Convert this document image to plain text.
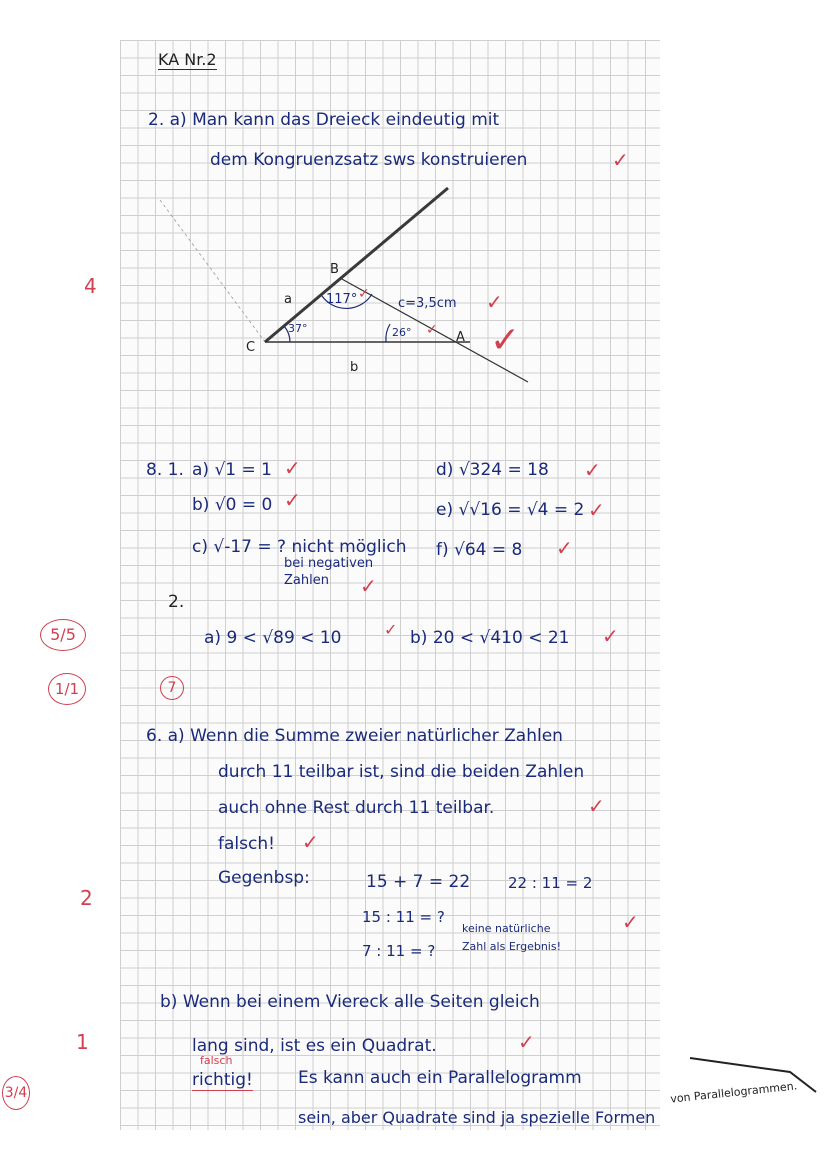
KA Nr.2
2. a) Man kann das Dreieck eindeutig mit
dem Kongruenzsatz sws konstruieren	✓
B
C
A
a
b
117°
37°	26°
c=3,5cm ✓
✓
✓
✓
4
8. 1. a) √1 = 1 ✓
b) √0 = 0 ✓
c) √-17 = ? nicht möglich
bei negativen
Zahlen ✓
d) √324 = 18 ✓
e) √√16 = √4 = 2 ✓
f) √64 = 8 ✓
2.
a) 9 < √89 < 10	✓ b) 20 < √410 < 21 ✓
5/5
1/1	7
6. a) Wenn die Summe zweier natürlicher Zahlen
durch 11 teilbar ist, sind die beiden Zahlen
auch ohne Rest durch 11 teilbar.	✓
falsch! ✓
Gegenbsp:	15 + 7 = 22	22 : 11 = 2
15 : 11 = ?
7 : 11 = ?
keine natürliche
Zahl als Ergebnis!
✓
2
b) Wenn bei einem Viereck alle Seiten gleich
lang sind, ist es ein Quadrat.	✓
falsch
richtig!	Es kann auch ein Parallelogramm
sein, aber Quadrate sind ja spezielle Formen
von Parallelogrammen.
1
3/4
